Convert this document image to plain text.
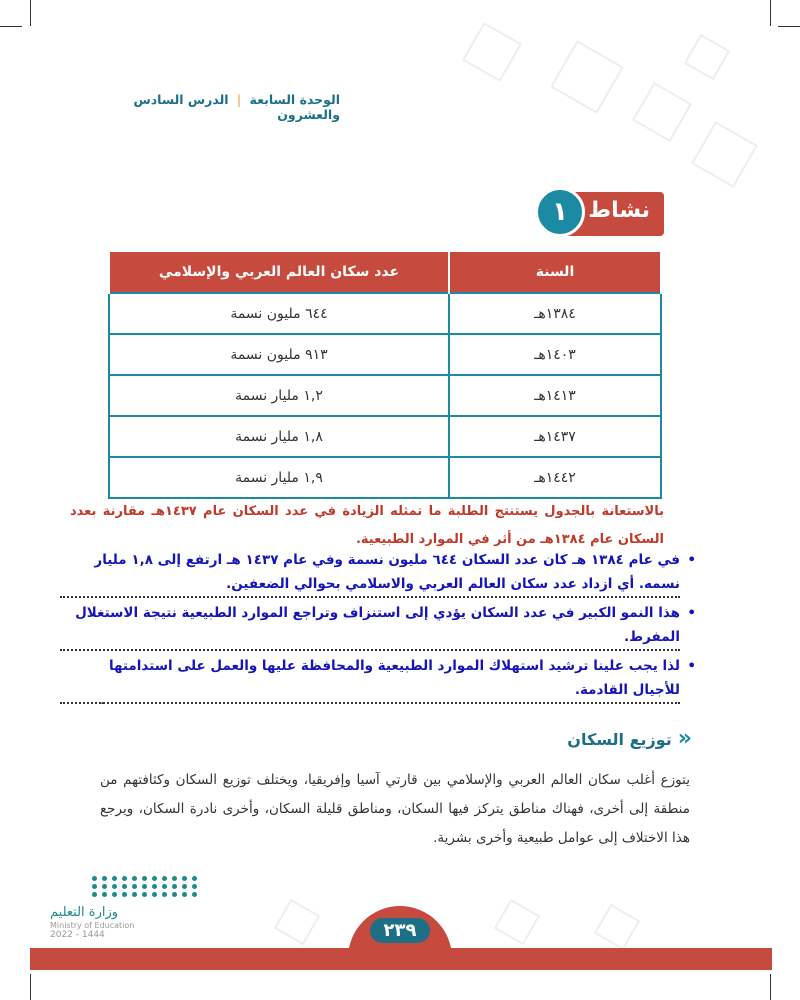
الوحدة السابعة | الدرس السادس والعشرون
نشاط
١
السنة	عدد سكان العالم العربي والإسلامي
١٣٨٤هـ	٦٤٤ مليون نسمة
١٤٠٣هـ	٩١٣ مليون نسمة
١٤١٣هـ	١,٢ مليار نسمة
١٤٣٧هـ	١,٨ مليار نسمة
١٤٤٢هـ	١,٩ مليار نسمة
بالاستعانة بالجدول يستنتج الطلبة ما تمثله الزيادة في عدد السكان عام ١٤٣٧هـ مقارنة بعدد السكان عام ١٣٨٤هـ من أثر في الموارد الطبيعية.
• في عام ١٣٨٤ هـ كان عدد السكان ٦٤٤ مليون نسمة وفي عام ١٤٣٧ هـ ارتفع إلى ١,٨ مليار نسمه. أي ازداد عدد سكان العالم العربي والاسلامي بحوالي الضعفين.
• هذا النمو الكبير في عدد السكان يؤدي إلى استنزاف وتراجع الموارد الطبيعية نتيجة الاستغلال المفرط.
• لذا يجب علينا ترشيد استهلاك الموارد الطبيعية والمحافظة عليها والعمل على استدامتها للأجيال القادمة.
.
«
توزيع السكان
يتوزع أغلب سكان العالم العربي والإسلامي بين قارتي آسيا وإفريقيا، ويختلف توزيع السكان وكثافتهم من منطقة إلى أخرى، فهناك مناطق يتركز فيها السكان، ومناطق قليلة السكان، وأخرى نادرة السكان، ويرجع هذا الاختلاف إلى عوامل طبيعية وأخرى بشرية.
وزارة التعليم
Ministry of Education
2022 - 1444	٢٣٩
